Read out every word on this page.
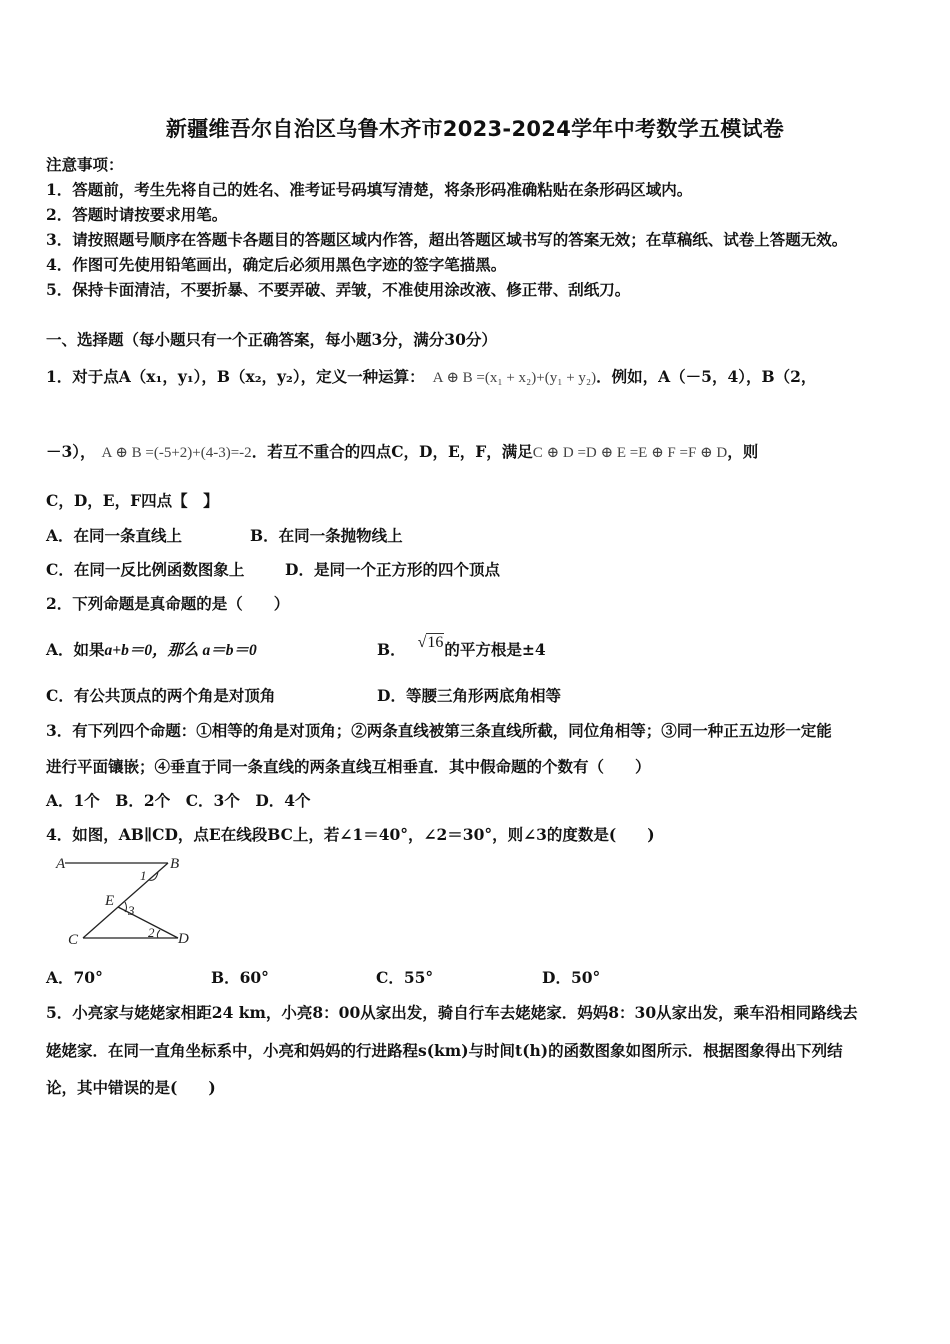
新疆维吾尔自治区乌鲁木齐市2023-2024学年中考数学五模试卷
注意事项：
1．答题前，考生先将自己的姓名、准考证号码填写清楚，将条形码准确粘贴在条形码区域内。
2．答题时请按要求用笔。
3．请按照题号顺序在答题卡各题目的答题区域内作答，超出答题区域书写的答案无效；在草稿纸、试卷上答题无效。
4．作图可先使用铅笔画出，确定后必须用黑色字迹的签字笔描黑。
5．保持卡面清洁，不要折暴、不要弄破、弄皱，不准使用涂改液、修正带、刮纸刀。
一、选择题（每小题只有一个正确答案，每小题3分，满分30分）
1．对于点A（x₁，y₁），B（x₂，y₂），定义一种运算： A ⊕ B =(x₁ + x₂)+(y₁ + y₂)．例如，A（－5，4），B（2，
－3）， A ⊕ B =(-5+2)+(4-3)=-2．若互不重合的四点C，D，E，F，满足C ⊕ D =D ⊕ E =E ⊕ F =F ⊕ D，则
C，D，E，F四点【　】
A．在同一条直线上	B．在同一条抛物线上
C．在同一反比例函数图象上	D．是同一个正方形的四个顶点
2．下列命题是真命题的是（　　）
A．如果a+b＝0，那么 a＝b＝0	B． √16的平方根是±4
C．有公共顶点的两个角是对顶角	D．等腰三角形两底角相等
3．有下列四个命题：①相等的角是对顶角；②两条直线被第三条直线所截，同位角相等；③同一种正五边形一定能
进行平面镶嵌；④垂直于同一条直线的两条直线互相垂直．其中假命题的个数有（　　）
A．1个　B．2个　C．3个　D．4个
4．如图，AB∥CD，点E在线段BC上，若∠1＝40°，∠2＝30°，则∠3的度数是(　　)
A	B
E
C	D
1
2
3
A．70°	B．60°	C．55°	D．50°
5．小亮家与姥姥家相距24 km，小亮8：00从家出发，骑自行车去姥姥家．妈妈8：30从家出发，乘车沿相同路线去
姥姥家．在同一直角坐标系中，小亮和妈妈的行进路程s(km)与时间t(h)的函数图象如图所示．根据图象得出下列结
论，其中错误的是(　　)
